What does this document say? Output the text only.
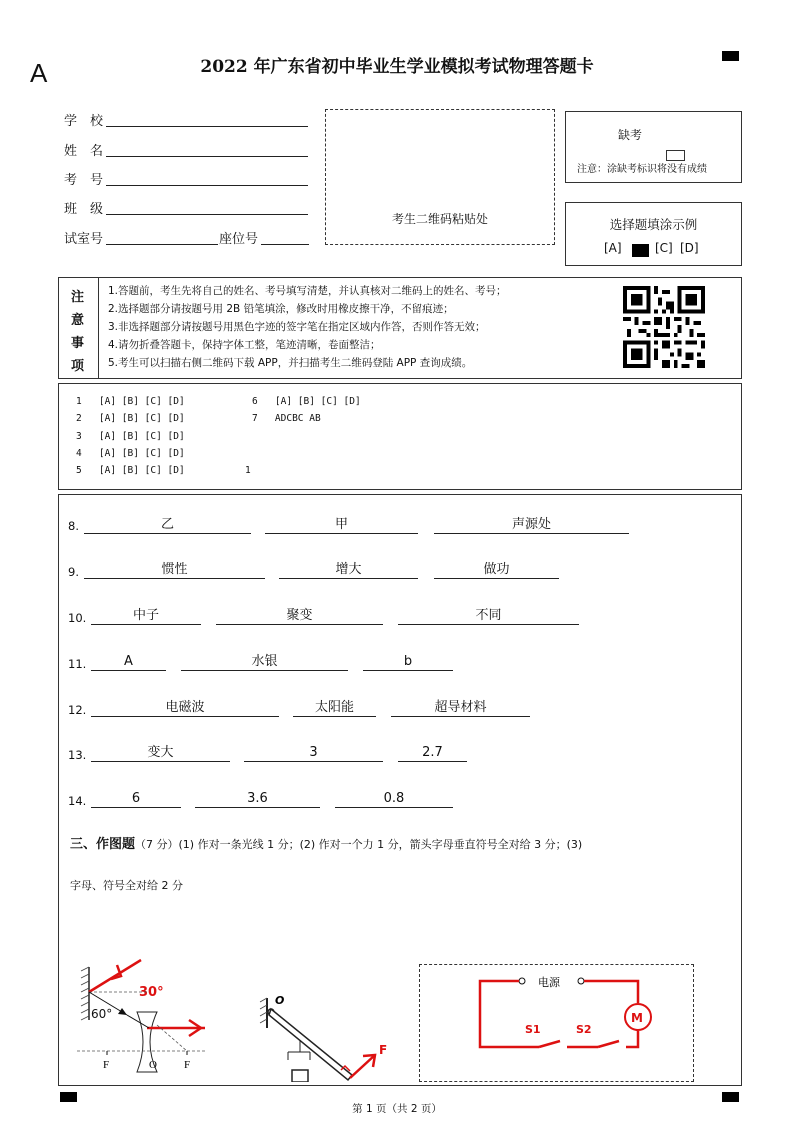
A	2022 年广东省初中毕业生学业模拟考试物理答题卡
学　校
姓　名
考　号
班　级
试室号	座位号
考生二维码粘贴处
缺考
注意：涂缺考标识将没有成绩
选择题填涂示例
[A]	[C] [D]
注
意
事
项
1.答题前，考生先将自己的姓名、考号填写清楚，并认真核对二维码上的姓名、考号；
2.选择题部分请按题号用 2B 铅笔填涂，修改时用橡皮擦干净，不留痕迹；
3.非选择题部分请按题号用黑色字迹的签字笔在指定区域内作答，否则作答无效；
4.请勿折叠答题卡，保持字体工整，笔迹清晰，卷面整洁；
5.考生可以扫描右侧二维码下载 APP，并扫描考生二维码登陆 APP 查询成绩。
1 [A] [B] [C] [D]
2 [A] [B] [C] [D]
3 [A] [B] [C] [D]
4 [A] [B] [C] [D]
5 [A] [B] [C] [D]
6 [A] [B] [C] [D]
7 ADCBC AB
1
8.	乙	甲	声源处
9.	惯性	增大	做功
10.	中子	聚变	不同
11.	A	水银	b
12.	电磁波	太阳能	超导材料
13.	变大	3	2.7
14.	6	3.6	0.8
三、作图题（7 分）(1) 作对一条光线 1 分；(2) 作对一个力 1 分，箭头字母垂直符号全对给 3 分；(3)
字母、符号全对给 2 分
30°
60°
F	O F
O
F
电源
M
S1	S2
第 1 页（共 2 页）
